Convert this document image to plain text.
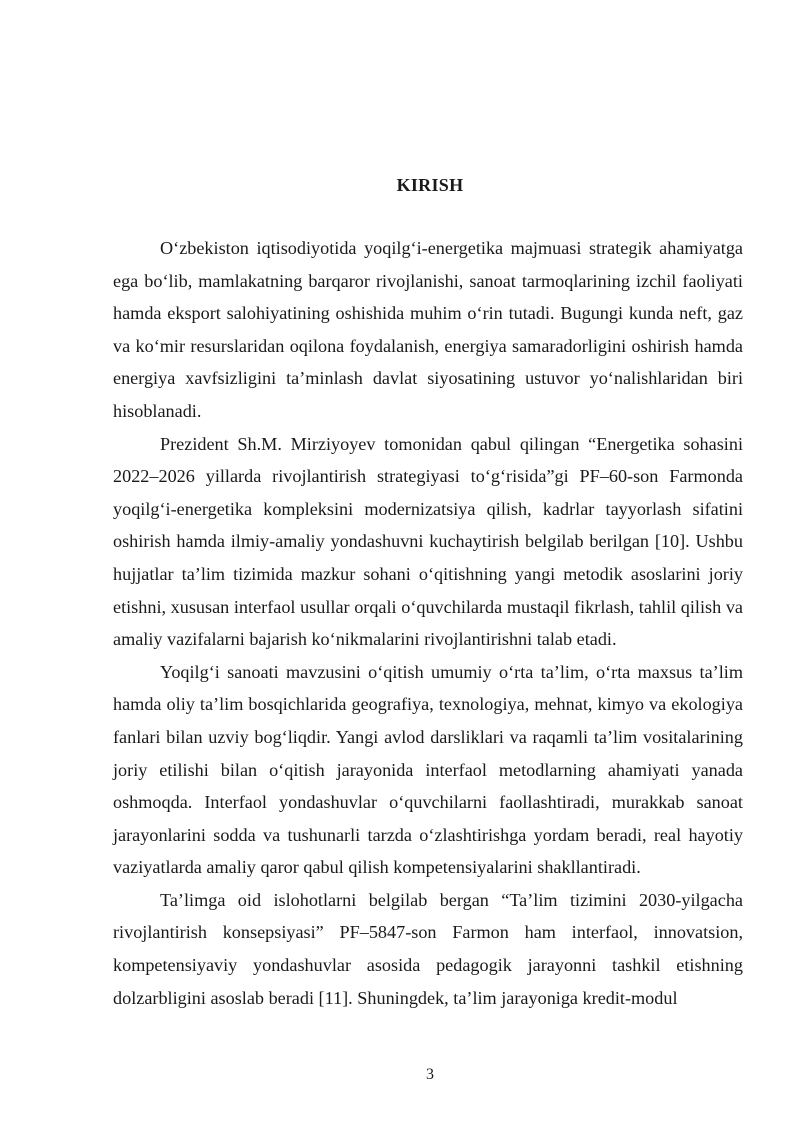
KIRISH

O‘zbekiston iqtisodiyotida yoqilg‘i-energetika majmuasi strategik ahamiyatga ega bo‘lib, mamlakatning barqaror rivojlanishi, sanoat tarmoqlarining izchil faoliyati hamda eksport salohiyatining oshishida muhim o‘rin tutadi. Bugungi kunda neft, gaz va ko‘mir resurslaridan oqilona foydalanish, energiya samaradorligini oshirish hamda energiya xavfsizligini ta’minlash davlat siyosatining ustuvor yo‘nalishlaridan biri hisoblanadi.

Prezident Sh.M. Mirziyoyev tomonidan qabul qilingan “Energetika sohasini 2022–2026 yillarda rivojlantirish strategiyasi to‘g‘risida”gi PF–60-son Farmonda yoqilg‘i-energetika kompleksini modernizatsiya qilish, kadrlar tayyorlash sifatini oshirish hamda ilmiy-amaliy yondashuvni kuchaytirish belgilab berilgan [10]. Ushbu hujjatlar ta’lim tizimida mazkur sohani o‘qitishning yangi metodik asoslarini joriy etishni, xususan interfaol usullar orqali o‘quvchilarda mustaqil fikrlash, tahlil qilish va amaliy vazifalarni bajarish ko‘nikmalarini rivojlantirishni talab etadi.

Yoqilg‘i sanoati mavzusini o‘qitish umumiy o‘rta ta’lim, o‘rta maxsus ta’lim hamda oliy ta’lim bosqichlarida geografiya, texnologiya, mehnat, kimyo va ekologiya fanlari bilan uzviy bog‘liqdir. Yangi avlod darsliklari va raqamli ta’lim vositalarining joriy etilishi bilan o‘qitish jarayonida interfaol metodlarning ahamiyati yanada oshmoqda. Interfaol yondashuvlar o‘quvchilarni faollashtiradi, murakkab sanoat jarayonlarini sodda va tushunarli tarzda o‘zlashtirishga yordam beradi, real hayotiy vaziyatlarda amaliy qaror qabul qilish kompetensiyalarini shakllantiradi.

Ta’limga oid islohotlarni belgilab bergan “Ta’lim tizimini 2030-yilgacha rivojlantirish konsepsiyasi” PF–5847-son Farmon ham interfaol, innovatsion, kompetensiyaviy yondashuvlar asosida pedagogik jarayonni tashkil etishning dolzarbligini asoslab beradi [11]. Shuningdek, ta’lim jarayoniga kredit-modul

3
